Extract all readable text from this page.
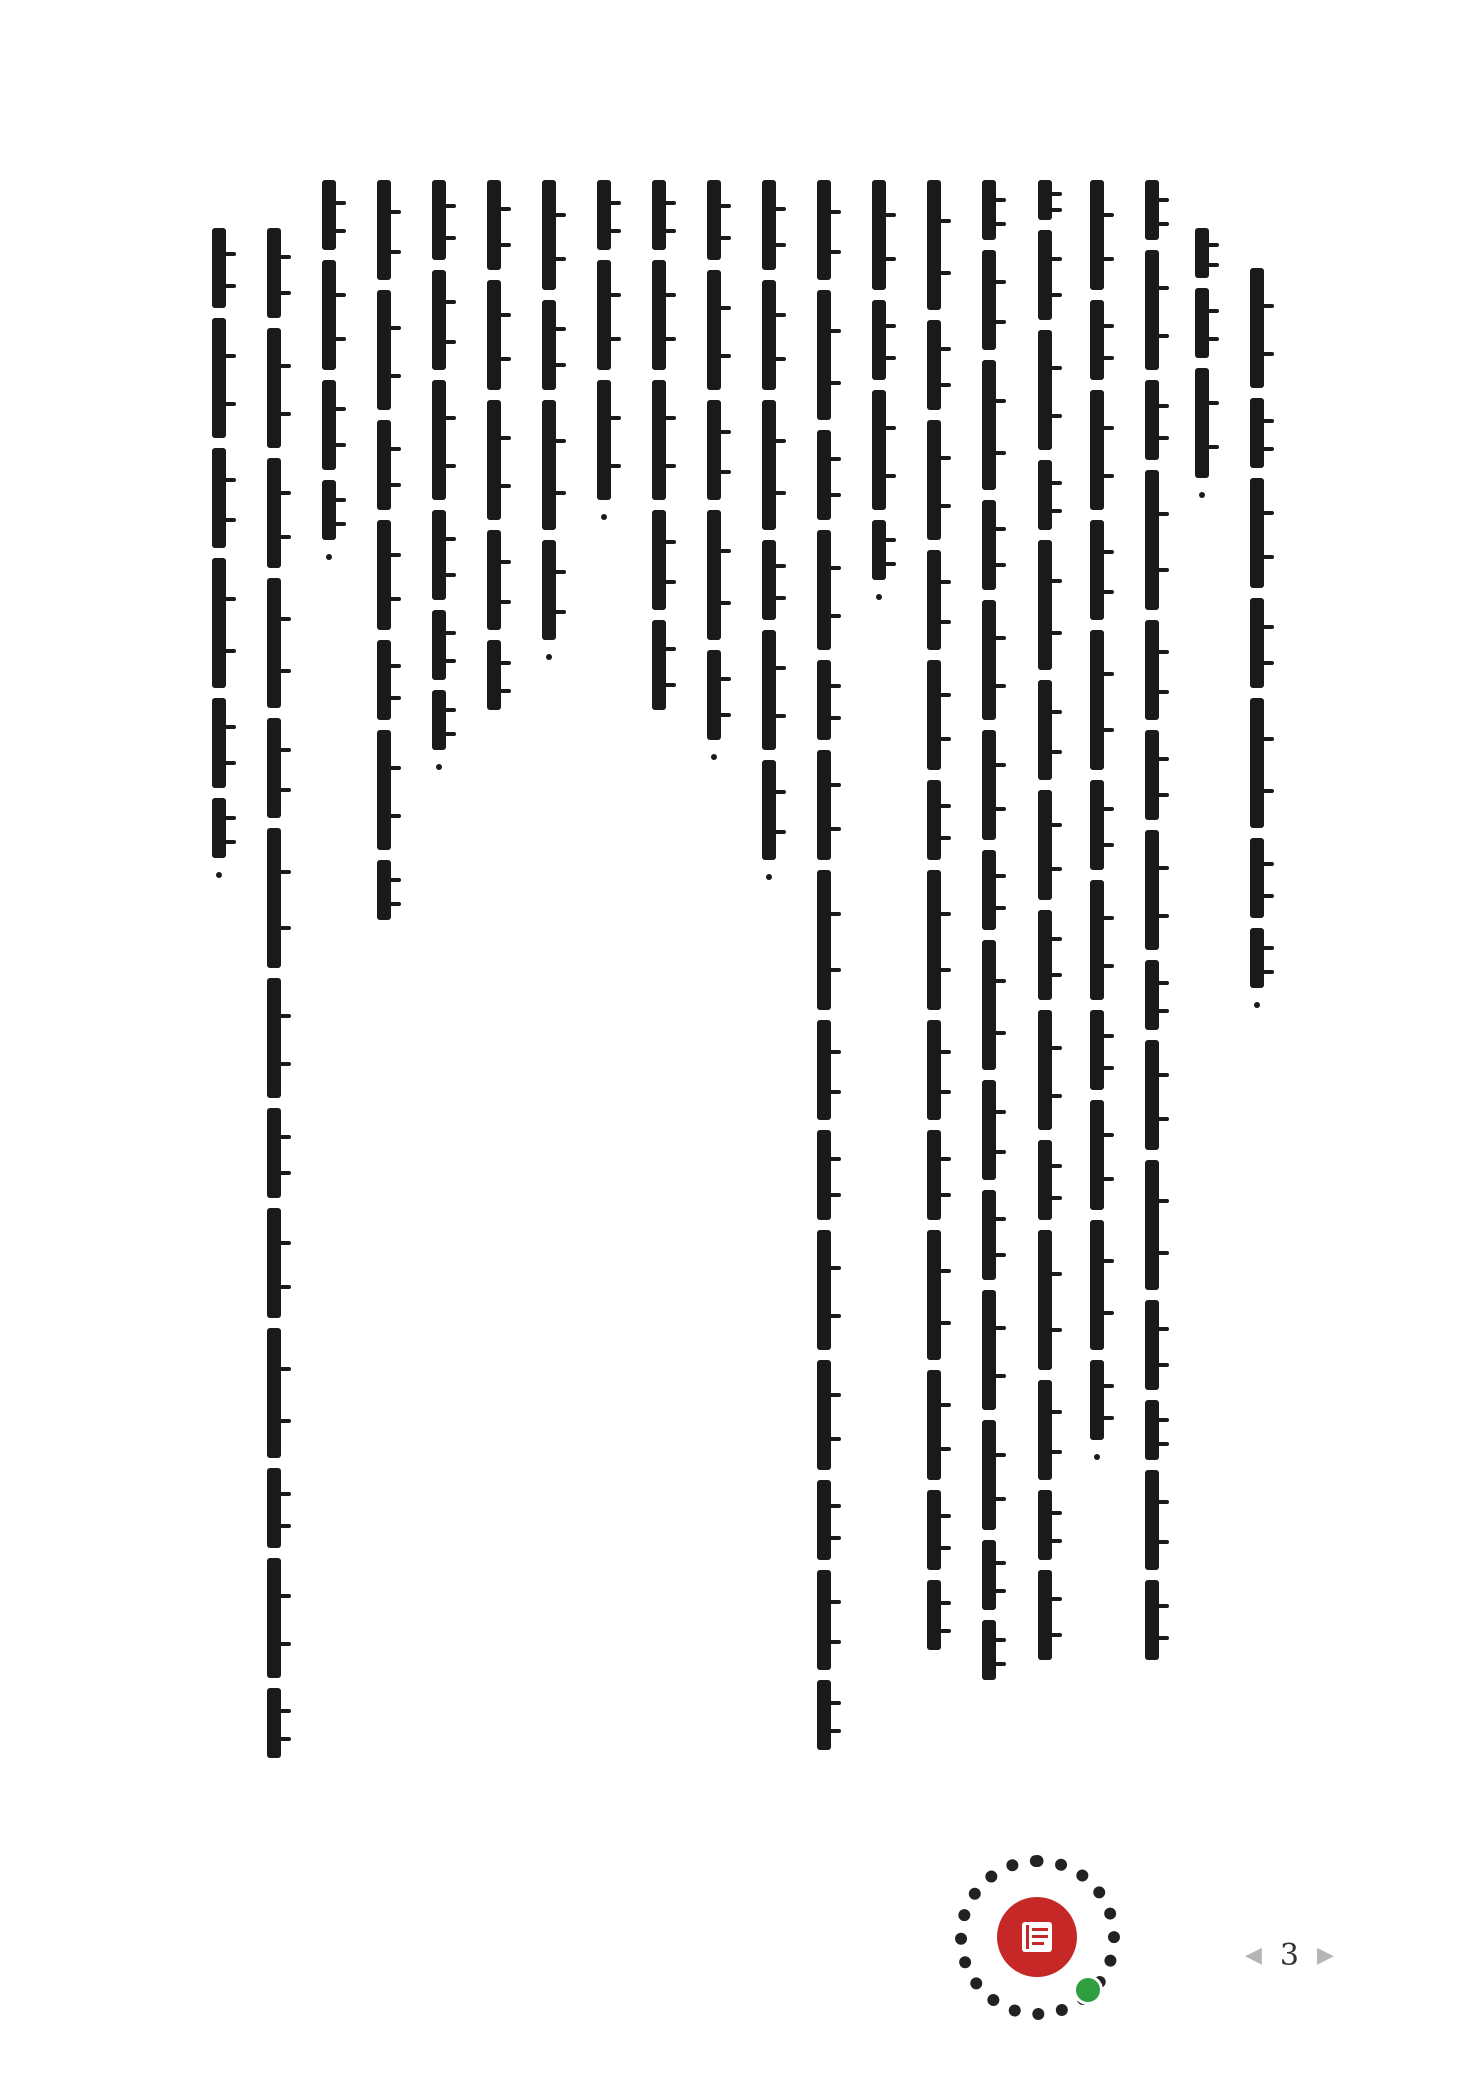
◀ 3 ▶
